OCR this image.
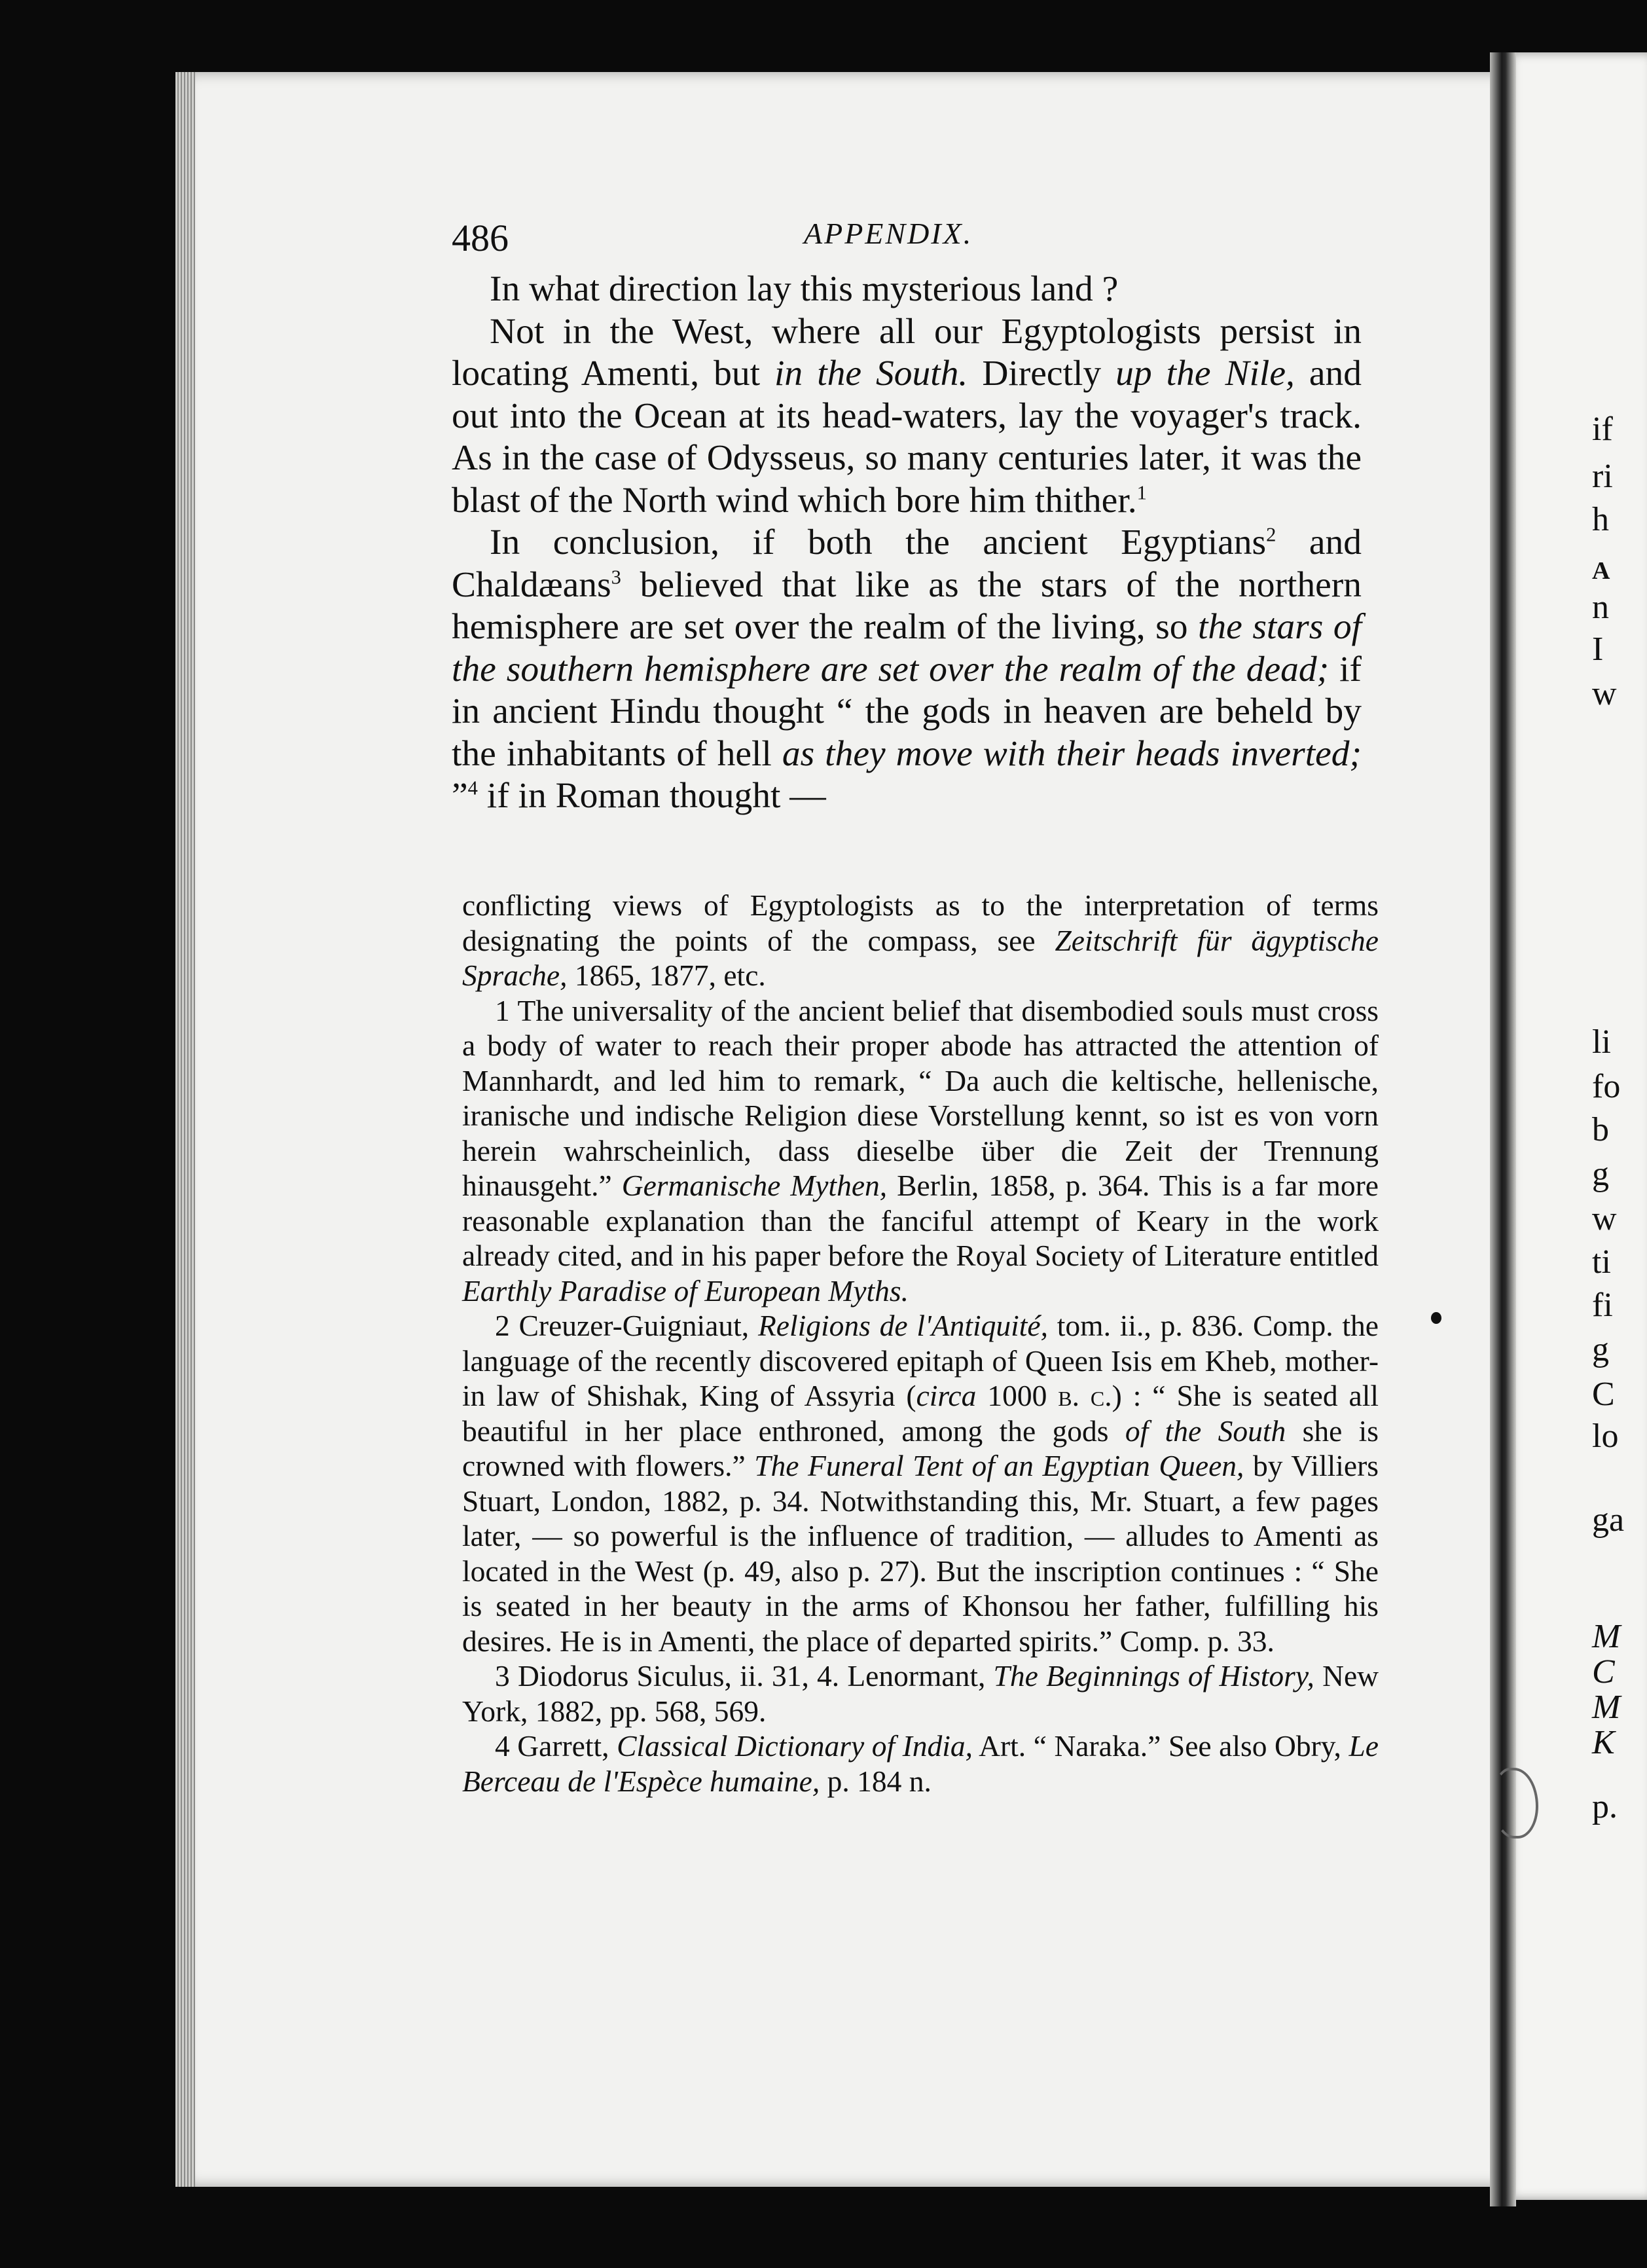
486	APPENDIX.

In what direction lay this mysterious land ?

Not in the West, where all our Egyptologists persist in locating Amenti, but in the South. Directly up the Nile, and out into the Ocean at its head-waters, lay the voyager's track. As in the case of Odysseus, so many centuries later, it was the blast of the North wind which bore him thither.$^1$

In conclusion, if both the ancient Egyptians$^2$ and Chaldæans$^3$ believed that like as the stars of the northern hemisphere are set over the realm of the living, so the stars of the southern hemisphere are set over the realm of the dead; if in ancient Hindu thought “ the gods in heaven are beheld by the inhabitants of hell as they move with their heads inverted; ”$^4$ if in Roman thought —

conflicting views of Egyptologists as to the interpretation of terms designating the points of the compass, see Zeitschrift für ägyptische Sprache, 1865, 1877, etc.

1 The universality of the ancient belief that disembodied souls must cross a body of water to reach their proper abode has attracted the attention of Mannhardt, and led him to remark, “ Da auch die keltische, hellenische, iranische und indische Religion diese Vorstellung kennt, so ist es von vorn herein wahrscheinlich, dass dieselbe über die Zeit der Trennung hinausgeht.” Germanische Mythen, Berlin, 1858, p. 364. This is a far more reasonable explanation than the fanciful attempt of Keary in the work already cited, and in his paper before the Royal Society of Literature entitled Earthly Paradise of European Myths.

2 Creuzer-Guigniaut, Religions de l'Antiquité, tom. ii., p. 836. Comp. the language of the recently discovered epitaph of Queen Isis em Kheb, mother-in law of Shishak, King of Assyria (circa 1000 b. c.) : “ She is seated all beautiful in her place enthroned, among the gods of the South she is crowned with flowers.” The Funeral Tent of an Egyptian Queen, by Villiers Stuart, London, 1882, p. 34. Notwithstanding this, Mr. Stuart, a few pages later, — so powerful is the influence of tradition, — alludes to Amenti as located in the West (p. 49, also p. 27). But the inscription continues : “ She is seated in her beauty in the arms of Khonsou her father, fulfilling his desires. He is in Amenti, the place of departed spirits.” Comp. p. 33.

3 Diodorus Siculus, ii. 31, 4. Lenormant, The Beginnings of History, New York, 1882, pp. 568, 569.

4 Garrett, Classical Dictionary of India, Art. “ Naraka.” See also Obry, Le Berceau de l'Espèce humaine, p. 184 n.

if
ri
h
A
n
I
w
li
fo
b
g
w
ti
fi
g
C
lo
ga
M
C
M
K
p.
